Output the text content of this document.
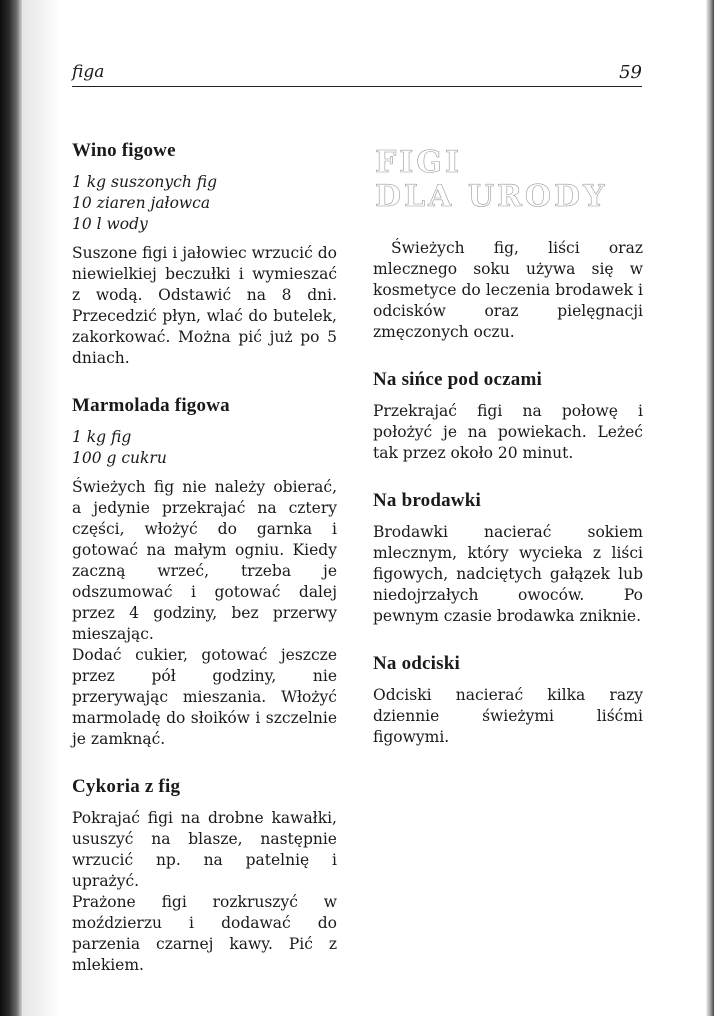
figa	59
Wino figowe
1 kg suszonych fig
10 ziaren jałowca
10 l wody

Suszone figi i jałowiec wrzucić do niewielkiej beczułki i wymieszać z wodą. Odstawić na 8 dni. Przecedzić płyn, wlać do butelek, zakorkować. Można pić już po 5 dniach.

Marmolada figowa
1 kg fig
100 g cukru

Świeżych fig nie należy obierać, a jedynie przekrajać na cztery części, włożyć do garnka i gotować na małym ogniu. Kiedy zaczną wrzeć, trzeba je odszumować i gotować dalej przez 4 godziny, bez przerwy mieszając.

Dodać cukier, gotować jeszcze przez pół godziny, nie przerywając mieszania. Włożyć marmoladę do słoików i szczelnie je zamknąć.

Cykoria z fig

Pokrajać figi na drobne kawałki, ususzyć na blasze, następnie wrzucić np. na patelnię i uprażyć.

Prażone figi rozkruszyć w moździerzu i dodawać do parzenia czarnej kawy. Pić z mlekiem.

FIGI
DLA URODY

Świeżych fig, liści oraz mlecznego soku używa się w kosmetyce do leczenia brodawek i odcisków oraz pielęgnacji zmęczonych oczu.

Na sińce pod oczami

Przekrajać figi na połowę i położyć je na powiekach. Leżeć tak przez około 20 minut.

Na brodawki

Brodawki nacierać sokiem mlecznym, który wycieka z liści figowych, nadciętych gałązek lub niedojrzałych owoców. Po pewnym czasie brodawka zniknie.

Na odciski

Odciski nacierać kilka razy dziennie świeżymi liśćmi figowymi.
